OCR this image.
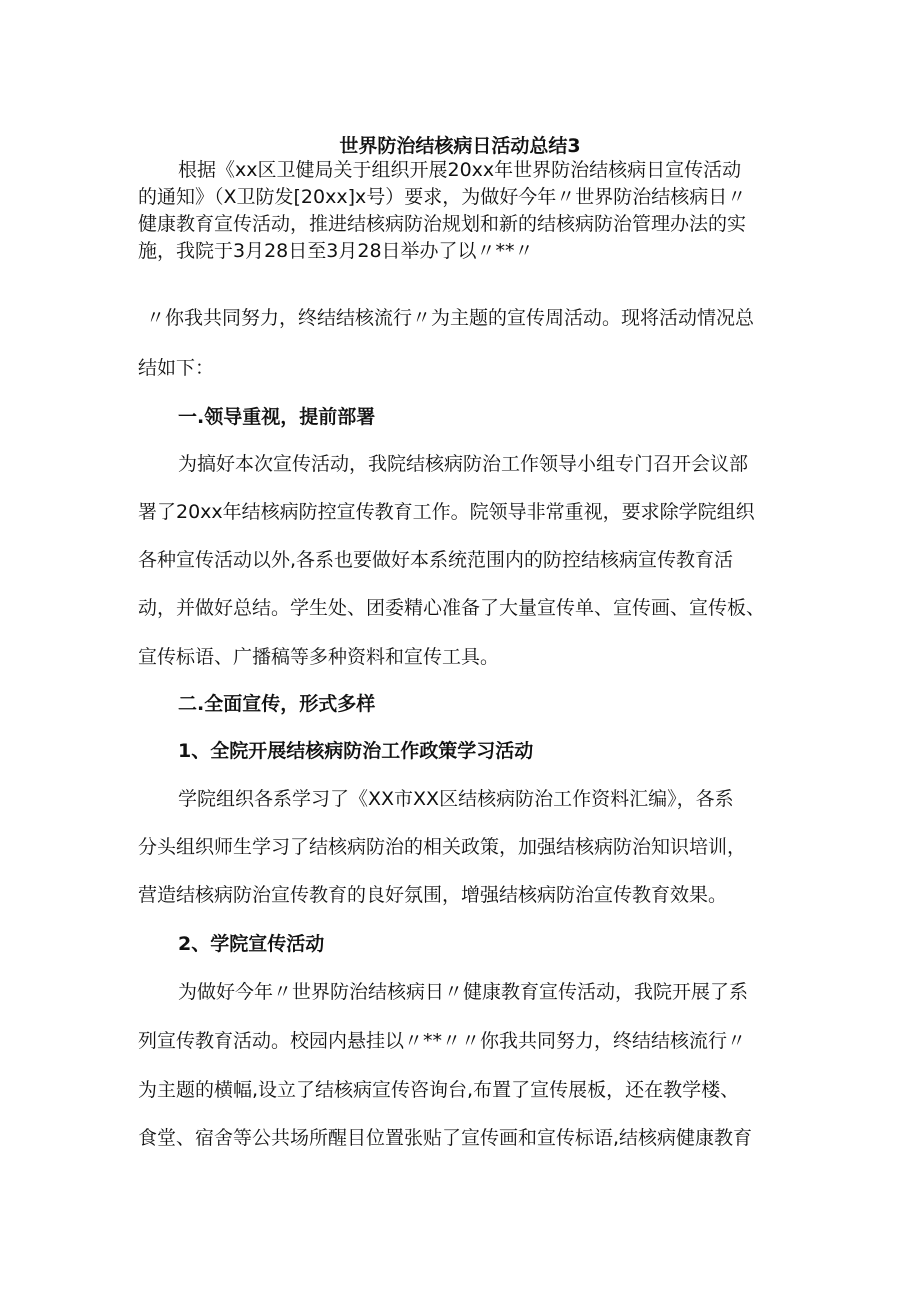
世界防治结核病日活动总结3
根据《xx区卫健局关于组织开展20xx年世界防治结核病日宣传活动
的通知》（X卫防发[20xx]x号）要求，为做好今年〃世界防治结核病日〃
健康教育宣传活动，推进结核病防治规划和新的结核病防治管理办法的实
施，我院于3月28日至3月28日举办了以〃**〃
〃你我共同努力，终结结核流行〃为主题的宣传周活动。现将活动情况总
结如下：
一.领导重视，提前部署
为搞好本次宣传活动，我院结核病防治工作领导小组专门召开会议部
署了20xx年结核病防控宣传教育工作。院领导非常重视，要求除学院组织
各种宣传活动以外,各系也要做好本系统范围内的防控结核病宣传教育活
动，并做好总结。学生处、团委精心准备了大量宣传单、宣传画、宣传板、
宣传标语、广播稿等多种资料和宣传工具。
二.全面宣传，形式多样
1、全院开展结核病防治工作政策学习活动
学院组织各系学习了《XX市XX区结核病防治工作资料汇编》，各系
分头组织师生学习了结核病防治的相关政策，加强结核病防治知识培训，
营造结核病防治宣传教育的良好氛围，增强结核病防治宣传教育效果。
2、学院宣传活动
为做好今年〃世界防治结核病日〃健康教育宣传活动，我院开展了系
列宣传教育活动。校园内悬挂以〃**〃〃你我共同努力，终结结核流行〃
为主题的横幅,设立了结核病宣传咨询台,布置了宣传展板，还在教学楼、
食堂、宿舍等公共场所醒目位置张贴了宣传画和宣传标语,结核病健康教育
